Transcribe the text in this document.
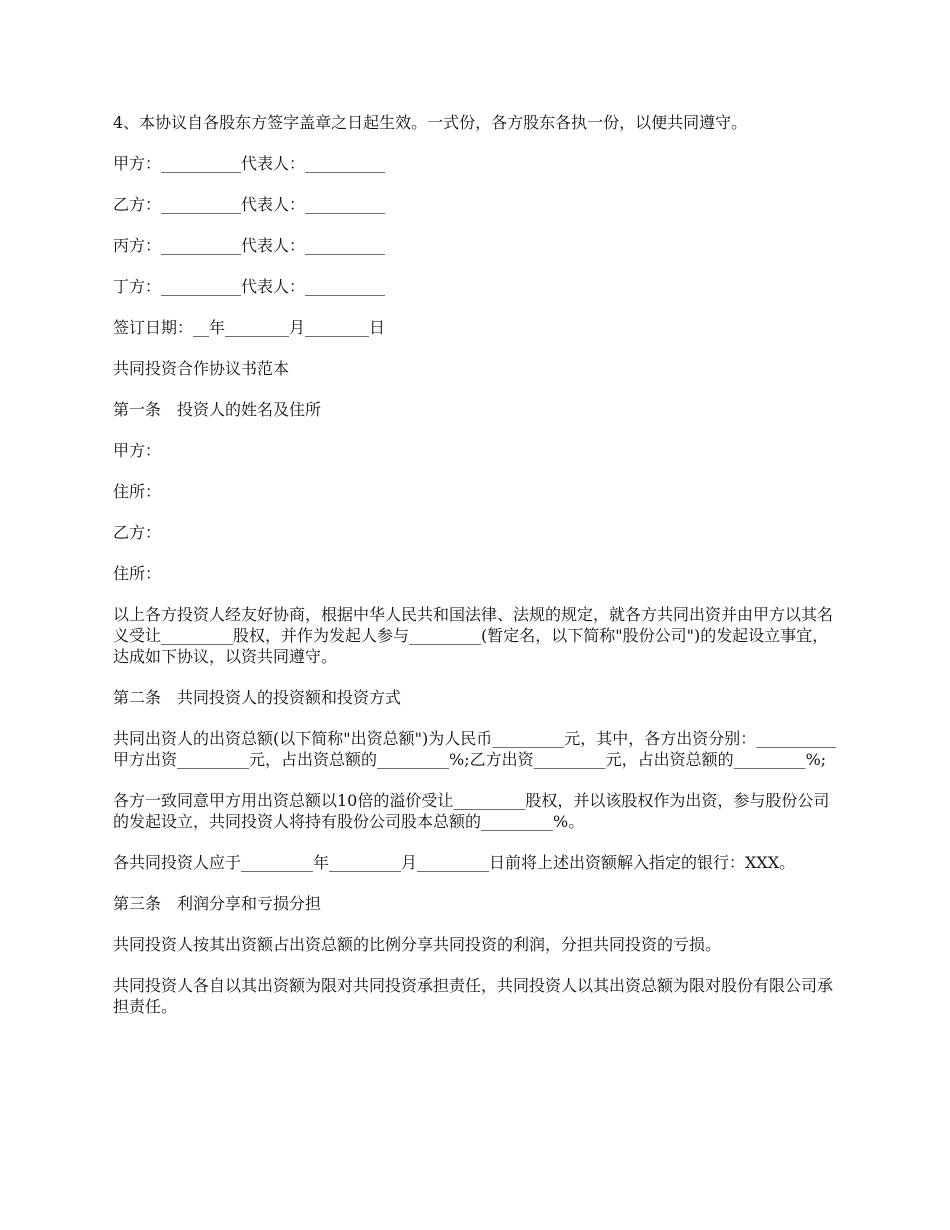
4、本协议自各股东方签字盖章之日起生效。一式份，各方股东各执一份，以便共同遵守。

甲方：__________代表人：__________

乙方：__________代表人：__________

丙方：__________代表人：__________

丁方：__________代表人：__________

签订日期：__年________月________日

共同投资合作协议书范本

第一条　投资人的姓名及住所

甲方：

住所：

乙方：

住所：

以上各方投资人经友好协商，根据中华人民共和国法律、法规的规定，就各方共同出资并由甲方以其名义受让_________股权，并作为发起人参与_________(暂定名，以下简称"股份公司")的发起设立事宜，达成如下协议，以资共同遵守。

第二条　共同投资人的投资额和投资方式

共同出资人的出资总额(以下简称"出资总额")为人民币_________元，其中，各方出资分别：__________甲方出资_________元，占出资总额的_________%;乙方出资_________元，占出资总额的_________%;

各方一致同意甲方用出资总额以10倍的溢价受让_________股权，并以该股权作为出资，参与股份公司的发起设立，共同投资人将持有股份公司股本总额的_________%。

各共同投资人应于_________年_________月_________日前将上述出资额解入指定的银行：XXX。

第三条　利润分享和亏损分担

共同投资人按其出资额占出资总额的比例分享共同投资的利润，分担共同投资的亏损。

共同投资人各自以其出资额为限对共同投资承担责任，共同投资人以其出资总额为限对股份有限公司承担责任。
